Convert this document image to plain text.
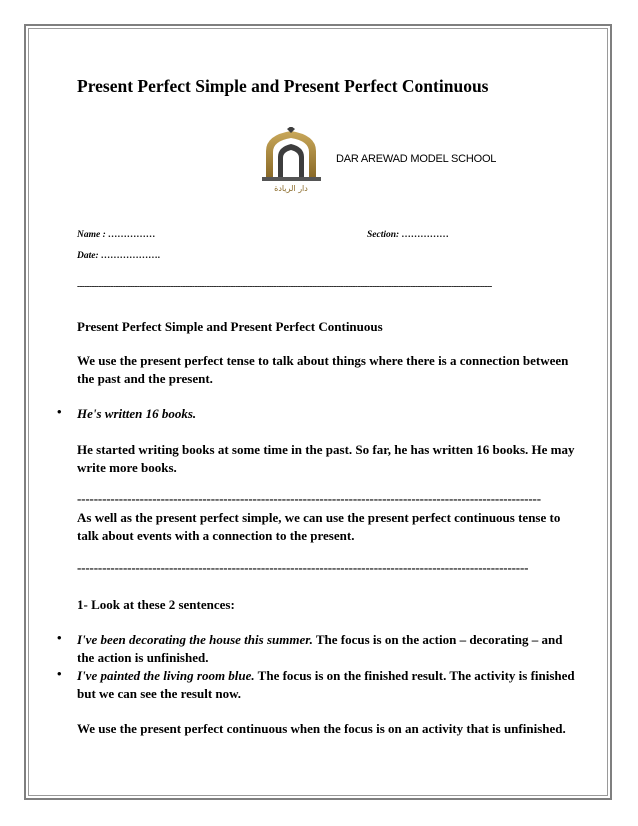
Present Perfect Simple and Present Perfect Continuous
دار الريادة
DAR AREWAD MODEL SCHOOL
Name : ……………	Section: ……………
Date: ……………….
-----------------------------------------------------------------------------------------------------------------------------------------------------------------------------
Present Perfect Simple and Present Perfect Continuous
We use the present perfect tense to talk about things where there is a connection between
the past and the present.
• He's written 16 books.
He started writing books at some time in the past. So far, he has written 16 books. He may
write more books.
---------------------------------------------------------------------------------------------------------------
As well as the present perfect simple, we can use the present perfect continuous tense to
talk about events with a connection to the present.
------------------------------------------------------------------------------------------------------------
1- Look at these 2 sentences:
• I've been decorating the house this summer. The focus is on the action – decorating – and
the action is unfinished.
• I've painted the living room blue. The focus is on the finished result. The activity is finished
but we can see the result now.
We use the present perfect continuous when the focus is on an activity that is unfinished.
